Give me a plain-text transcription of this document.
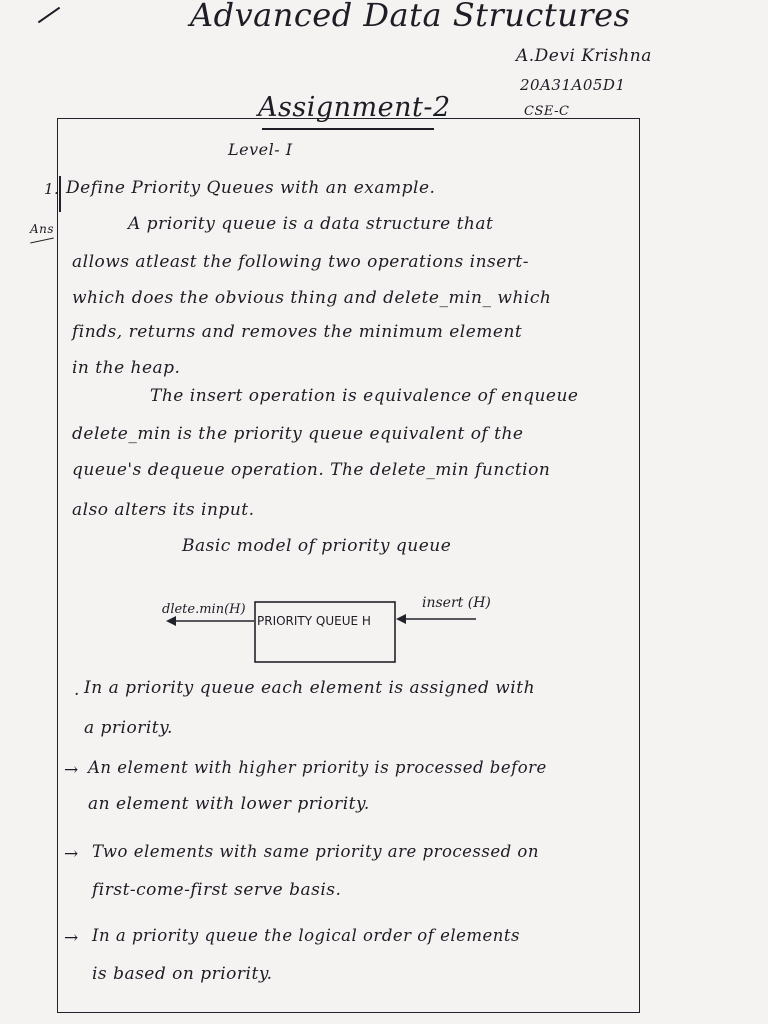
Advanced Data Structures
A.Devi Krishna
20A31A05D1
CSE-C
Assignment-2
Level- I
1. Define Priority Queues with an example.
Ans	A priority queue is a data structure that
allows atleast the following two operations insert-
which does the obvious thing and delete_min_ which
finds, returns and removes the minimum element
in the heap.
The insert operation is equivalence of enqueue
delete_min is the priority queue equivalent of the
queue's dequeue operation. The delete_min function
also alters its input.
Basic model of priority queue
dlete.min(H)
PRIORITY QUEUE H
insert (H)
. In a priority queue each element is assigned with
a priority.
→ An element with higher priority is processed before
an element with lower priority.
→ Two elements with same priority are processed on
first-come-first serve basis.
→ In a priority queue the logical order of elements
is based on priority.
